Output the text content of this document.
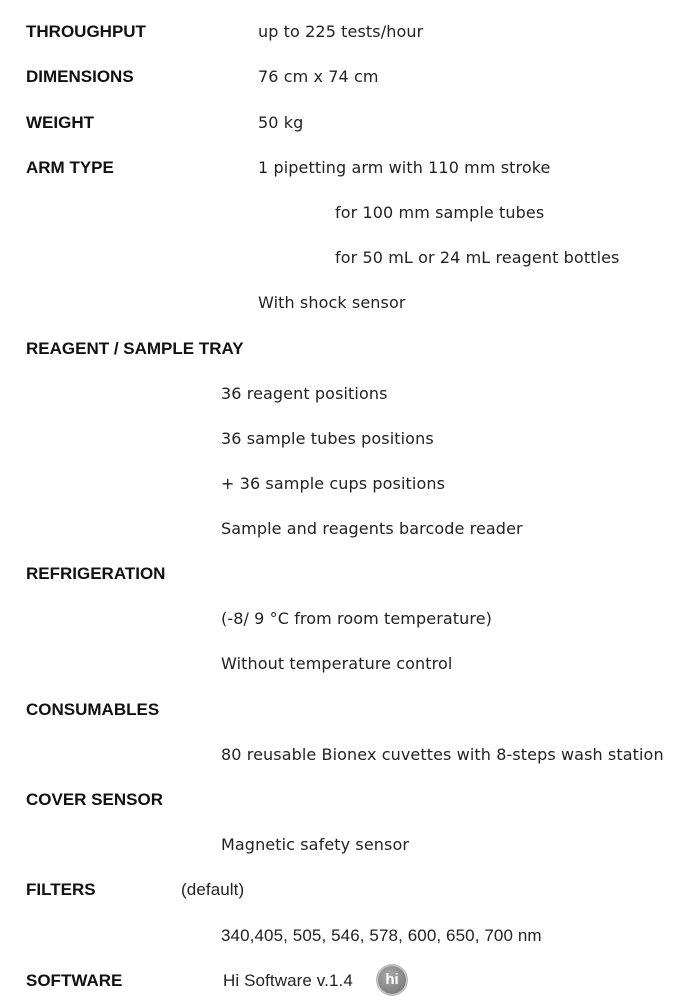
THROUGHPUT	up to 225 tests/hour
DIMENSIONS	76 cm x 74 cm
WEIGHT	50 kg
ARM TYPE	1 pipetting arm with 110 mm stroke
for 100 mm sample tubes
for 50 mL or 24 mL reagent bottles
With shock sensor
REAGENT / SAMPLE TRAY
36 reagent positions
36 sample tubes positions
+ 36 sample cups positions
Sample and reagents barcode reader
REFRIGERATION
(-8/ 9 °C from room temperature)
Without temperature control
CONSUMABLES
80 reusable Bionex cuvettes with 8-steps wash station
COVER SENSOR
Magnetic safety sensor
FILTERS	(default)
340,405, 505, 546, 578, 600, 650, 700 nm
SOFTWARE	Hi Software v.1.4 hi
